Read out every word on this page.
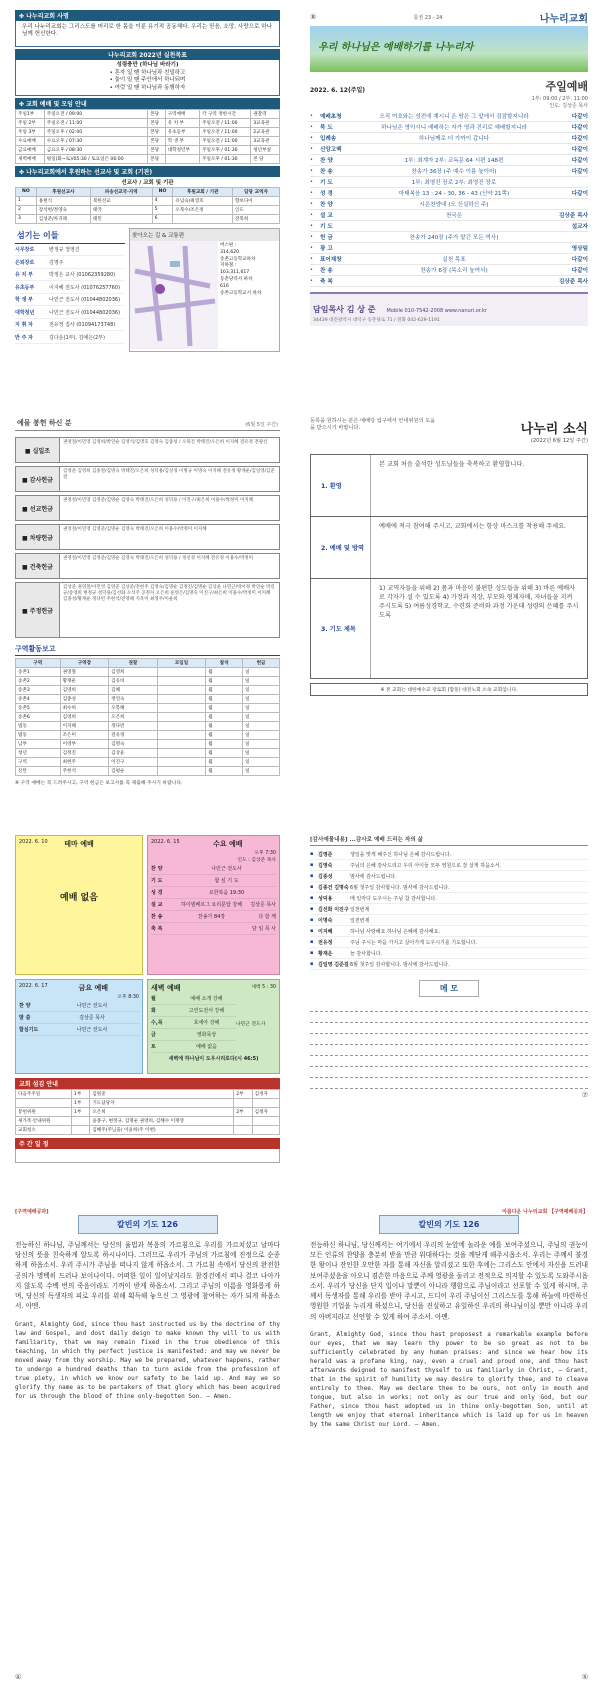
✤ 나누리교회 사명
우리 나누리교회는 그리스도를 머리로 한 몸을 이룬 유기적 공동체다. 우리는 믿음, 소망, 사랑으로 하나님께 헌신한다.
나누리교회 2022년 실천목표
성령충만 (하나님 바라기)
• 혼자 일 땐 하나님과 친밀하고
• 둘이 일 땐 주안에서 하나되며
• 여럿 일 땐 하나님과 동행하자
✤ 교회 예배 및 모임 안내
주일1부	주일오전 / 09:00	본당	구역예배	각 구역 정한시간	권찰댁
주일 2부	주일오전 / 11:00	본당	유 치 부	주일오전 / 11:00	3교육관
주일 3부	주일오후 / 02:00	본당	유초등부	주일오전 / 11:00	2교육관
수요예배	수요오후 / 07:30	본당	학 생 부	주일오전 / 11:00	3교육관
금요예배	금요오후 / 08:30	본당	대학청년부	주일오후 / 01:30	청년부실
새벽예배	평일(화~토)/05:30 / 토요일은 06:00	본당		주일오후 / 01:30	본 당
✤ 나누리교회에서 후원하는 선교사 및 교회 (기관)
선교사 / 교회 및 기관
NO	후원선교사	파송선교국·지역	NO	후원교회 / 기관	담당 교역자
1	홍현식	북한선교	4	유넘숙/최영호	향보다이
2	장석현/정영숙	태국	5	오북수/조은정	인도
3	김성준/차귀례	태민	6		전북희
섬기는 이들
시무장로	변정규 정영진
은퇴장로	김영주
유 치 부	박정은 교사 (01062359280)
유초등부	이지혜 전도사 (01076257760)
학 생 부	나민근 전도사 (01044802036)
대학청년	나민근 전도사 (01044802036)
지 휘 자	전유정 집사 (01094173748)
반 주 자	김다운(1부), 김예은(2부)
찾아오는 길 & 교통편
버스편 :
314,620
송촌고등학교하차
지하철 :
103,311,617
동춘당역서 하차
616
송촌고등학교서 하차
⑧	통권 23 - 24	나누리교회
우리 하나님은 예배하기를 나누리자
2022. 6. 12(주일)	주일예배
1부: 09:00 / 2부: 11:00
인도: 김상준 목사
•	예배초청	오직 여호와는 성전에 계시니 온 땅은 그 앞에서 잠잠할지니라	다같이
•	묵 도	하나님은 영이시니 예배하는 자가 영과 진리로 예배할지니라	다같이
•	입례송	하나님께로 더 가까이 갑니다	다같이
•	신앙고백	다같이
•	찬 양	1부: 최계자 2부: 교독문 64 시편 148편	다같이
•	찬 송	찬송가 36장 (주 예수 이름 높이어)	다같이
•	기 도	1부: 최영진 장로 2부: 최영진 장로
•	성 경	마태복음 13 : 24 - 30, 36 - 43 (신약 21쪽)	다같이
•	찬 양	시온찬양대 (오 신실하신 주)
•	설 교	천국은	김상준 목사
•	기 도	설교자
•	헌 금	찬송가 240장 (주가 맡긴 모든 역사)
•	광 고	영상팀
•	표어제창	실천 목표	다같이
•	찬 송	찬송가 6장 (목소리 높여서)	다같이
•	축 복	김상준 목사
담임목사 김 상 준 Mobile 010-7542-2008 www.nanuri.or.kr
34439 대전광역시 대덕구 동춘당로 71 / 전화 042-629-1191
예물 봉헌 하신 분	(6월 5일 주간)
■ 십일조
권영철/이민영 김영희/박연순 김영석/김영호 김영숙 김종성 / 오북진 박태진/오은희 이지혜 전유정 전광신
■ 감사헌금
김영준 김영희 김종철/김명숙 박태진/오은희 성덕용/김상경 이병규 이명숙 이지혜 전유정 황재운/김일영/김준걸
■ 선교헌금
권영철/이민영 김영준/김명순 김영숙 박태진/오은희 성덕용 / 이진구/최은희 이용수/박정미 이지혜
■ 차량헌금
권영철/이민영 김영준/김명순 김영숙 박태진/오은희 이용수/박정미 이지혜
■ 건축헌금
권영철/이민영 김영준/김명순 김영숙 박태진/오은희 성덕용 / 정선경 이지혜 전유정 이용수/박정미
■ 주정헌금
김상준 권영철/이민영 김영준 김상준/전현주 김영숙/김명순 김정진/김명순 김상윤 나민근/박서정 박연순 박길규/송영희 변정규 성덕용/김선화 오석주 공정자 오은희 윤영은/김명숙 이진구/최은희 이용수/박정미 이지혜 김종성/황재운 정다빈 주현석/전영해 지옥미 최영주/이운희
구역활동보고
구역	구역장	권찰	모임일	참석	헌금
송촌1	권영철	김영희		월	일
송촌2	황재운	김유비		월	일
송촌3	김영희	김혜		월	일
송촌4	김종성	정연숙		월	일
송촌5	최수희	오복해		월	일
송촌6	김영희	오은희		월	일
법동	이지혜	정다빈		월	일
법동	조은미	전유정		월	일
남부	이영부	김명숙		월	일
청년	김정진	김상윤		월	일
구역	최현주	이진구		월	일
신탄	주현석	김평순		월	일
※ 구역 예배는 꼭 드려주시고, 구역 헌금은 보고서를 꼭 제출해 주시기 바랍니다.
등록을 원하시는 분은 예배당 입구에서 안내위원의 도움을 받으시기 바랍니다.	나누리 소식
(2022년 6월 12일 주간)
1. 환영
본 교회 처음 출석한 성도님들을 축복하고 환영합니다.
2. 예배 및 방역
예배에 적극 참여해 주시고, 교회에서는 항상 마스크를 착용해 주세요.
3. 기도 제목
1) 교역자들을 위해 2) 몸과 마음이 불편한 성도들을 위해 3) 바른 예배자로 각자가 설 수 있도록 4) 가정과 직장, 부모와 형제자매, 자녀들을 지켜 주시도록 5) 여름성경학교, 수련회 준비와 과정 가운데 성령의 은혜를 주시도록
※ 본 교회는 대한예수교 장로회 (합동) 대전노회 소속 교회입니다.
2022. 6. 10	테마 예배
예배 없음
2022. 6. 15	수요 예배
오후 7:30
인도 : 김상준 목사
찬 양	나민근 전도사
기 도	합 심 기 도
성 경	요한복음 19:30
설 교	하이델베르그 요리문답 강해	김상준 목사
찬 송	찬송가 84장	다 함 께
축 복	담 임 목 사
2022. 6. 17	금요 예배
오후 8:30
찬 양	나민근 전도사
말 씀	김상준 목사
합심기도	나민근 전도사
새벽 예배	새벽 5 : 30
월	예배 소개 강해
화	고린도전서 강해
수,목	호세아 강해
금	영화묵상
토	예배 없음
나민근 전도사
새벽에 하나님이 도우시리로다(시 46:5)
교회 섬김 안내
다음주주일	1부	김원준	2부	김정자
	1부	기도담당자		
봉헌위원	1부	오은희	2부	김정자
새가족·안내위원		윤종구, 변정규, 김명순 권영희, 김혜수 이재영		
교회청소		김혜주(주님을) 이윤희(주 이현)		
주 간 일 정
[감사예물내용] ...감사로 예배 드리는 자의 삶
▪ 김영준	생일을 맞게 해주신 하나님 은혜 감사드립니다.
▪ 김영숙	주님의 은혜 감사드리고 우리 아이들 모두 영원으로 잘 살게 하옵소서.
▪ 김종성	범사에 감사드립니다.
▪ 김종건 김명숙 6월 첫주일 감사합니다. 범사에 감사드립니다.
▪ 성덕용	매 일마다 도우시는 주님 참 감사합니다.
▪ 김선화 이진구 일천번제
▪ 이명숙	일천번제
▪ 이지혜	하나님 사랑해요 하나님 은혜에 감사해요.
▪ 전유정	주님 주시는 마음 가지고 살아가게 도우시기를 기도합니다.
▪ 황재운	늘 감사합니다.
▪ 김일영 김준걸 6월 첫주일 감사합니다. 범사에 감사드립니다.
메 모
⑦
[구역예배공과]
칼빈의 기도 126
전능하신 하나님, 주님께서는 당신의 율법과 복음의 가르침으로 우리를 가르치셨고 날마다 당신의 뜻을 친숙하게 알도록 하시나이다. 그러므로 우리가 주님의 가르침에 진정으로 순종하게 하옵소서. 우리 주시가 주님을 떠나지 않게 하옵소서. 그 가르침 속에서 당신의 완전한 공의가 명백히 드러나 보이나이다. 어떠한 일이 일어날지라도 참경건에서 떠나 결코 나아가지 않도록 수백 번의 죽음이라도 기꺼이 받게 하옵소서. 그리고 주님의 이름을 영화롭게 하며, 당신의 독생자의 피로 우리를 위해 획득해 놓으신 그 영광에 참여하는 자가 되게 하옵소서. 아멘.
Grant, Almighty God, since thou hast instructed us by the doctrine of thy law and Gospel, and dost daily deign to make known thy will to us with familiarity, that we may remain fixed in the true obedience of this teaching, in which thy perfect justice is manifested: and may we never be moved away from thy worship. May we be prepared, whatever happens, rather to undergo a hundred deaths than to turn aside from the profession of true piety, in which we know our safety to be laid up. And may we so glorify thy name as to be partakers of that glory which has been acquired for us through the blood of thine only-begotten Son. — Amen.
④
아름다운 나누리교회 【구역예배공과】
칼빈의 기도 126
전능하신 하나님, 당신께서는 여기에서 우리의 눈앞에 놀라운 예를 보여주셨으니, 주님의 권능이 모든 인류의 찬양을 충분히 받을 만큼 위대하다는 것을 깨닫게 해주시옵소서. 우리는 주께서 불경한 왕이나 잔인한 오만한 자를 통해 자신을 알리셨고 또한 후에는 그리스도 안에서 자신을 드러내 보여주셨음을 아오니 겸손한 마음으로 주께 영광을 돌리고 전적으로 의지할 수 있도록 도와주시옵소서. 우리가 당신을 단지 입이나 말뿐이 아니라 행함으로 주님이라고 선포할 수 있게 하시며, 주께서 독생자를 통해 우리를 받아 주시고, 드디어 우리 주님이신 그리스도를 통해 하늘에 마련하신 영원한 기업을 누리게 하셨으니, 당신을 진실하고 유일하신 우리의 하나님이실 뿐만 아니라 우리의 아버지라고 선언할 수 있게 하여 주소서. 아멘.
Grant, Almighty God, since thou hast proposest a remarkable example before our eyes, that we may learn thy power to be so great as not to be sufficiently celebrated by any human praises: and since we hear how its herald was a profane king, nay, even a cruel and proud one, and thou hast afterwards deigned to manifest thyself to us familiarly in Christ, — Grant, that in the spirit of humility we may desire to glorify thee, and to cleave entirely to thee. May we declare thee to be ours, not only in mouth and tongue, but also in works: not only as our true and only God, but our Father, since thou hast adopted us in thine only-begotten Son, until at length we enjoy that eternal inheritance which is laid up for us in heaven by the same Christ our Lord. — Amen.
⑤
